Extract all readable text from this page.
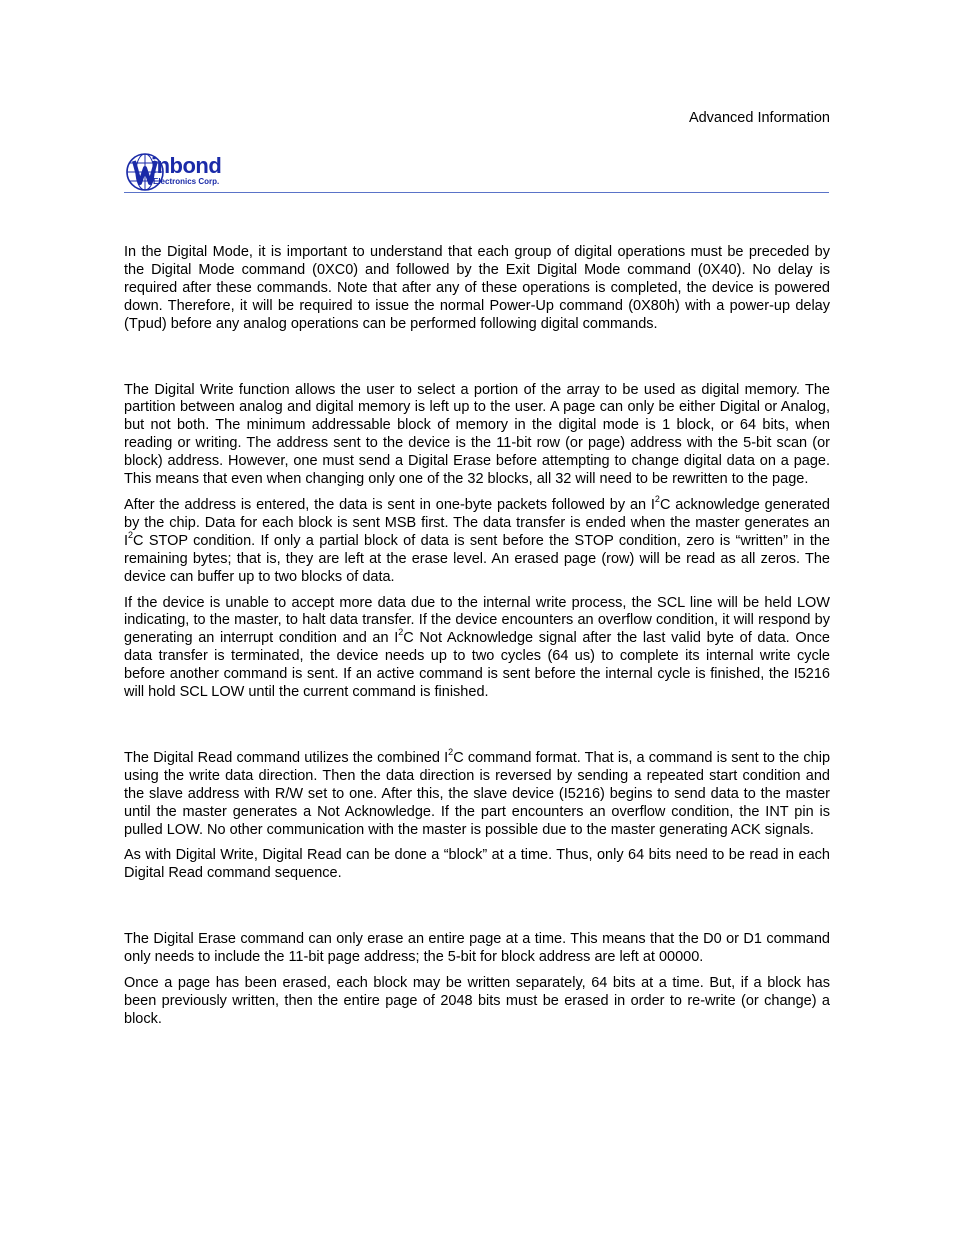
Advanced Information
inbond
Electronics Corp.

In the Digital Mode, it is important to understand that each group of digital operations must be preceded by the Digital Mode command (0XC0) and followed by the Exit Digital Mode command (0X40). No delay is required after these commands. Note that after any of these operations is completed, the device is powered down. Therefore, it will be required to issue the normal Power-Up command (0X80h) with a power-up delay (Tpud) before any analog operations can be performed following digital commands.

The Digital Write function allows the user to select a portion of the array to be used as digital memory. The partition between analog and digital memory is left up to the user. A page can only be either Digital or Analog, but not both. The minimum addressable block of memory in the digital mode is 1 block, or 64 bits, when reading or writing. The address sent to the device is the 11-bit row (or page) address with the 5-bit scan (or block) address. However, one must send a Digital Erase before attempting to change digital data on a page. This means that even when changing only one of the 32 blocks, all 32 will need to be rewritten to the page.

After the address is entered, the data is sent in one-byte packets followed by an $I^2C$ acknowledge generated by the chip. Data for each block is sent MSB first. The data transfer is ended when the master generates an $I^2C$ STOP condition. If only a partial block of data is sent before the STOP condition, zero is “written” in the remaining bytes; that is, they are left at the erase level. An erased page (row) will be read as all zeros. The device can buffer up to two blocks of data.

If the device is unable to accept more data due to the internal write process, the SCL line will be held LOW indicating, to the master, to halt data transfer. If the device encounters an overflow condition, it will respond by generating an interrupt condition and an $I^2C$ Not Acknowledge signal after the last valid byte of data. Once data transfer is terminated, the device needs up to two cycles (64 us) to complete its internal write cycle before another command is sent. If an active command is sent before the internal cycle is finished, the I5216 will hold SCL LOW until the current command is finished.

The Digital Read command utilizes the combined $I^2C$ command format. That is, a command is sent to the chip using the write data direction. Then the data direction is reversed by sending a repeated start condition and the slave address with R/W set to one. After this, the slave device (I5216) begins to send data to the master until the master generates a Not Acknowledge. If the part encounters an overflow condition, the INT pin is pulled LOW. No other communication with the master is possible due to the master generating ACK signals.

As with Digital Write, Digital Read can be done a “block” at a time. Thus, only 64 bits need to be read in each Digital Read command sequence.

The Digital Erase command can only erase an entire page at a time. This means that the D0 or D1 command only needs to include the 11-bit page address; the 5-bit for block address are left at 00000.

Once a page has been erased, each block may be written separately, 64 bits at a time. But, if a block has been previously written, then the entire page of 2048 bits must be erased in order to re-write (or change) a block.
